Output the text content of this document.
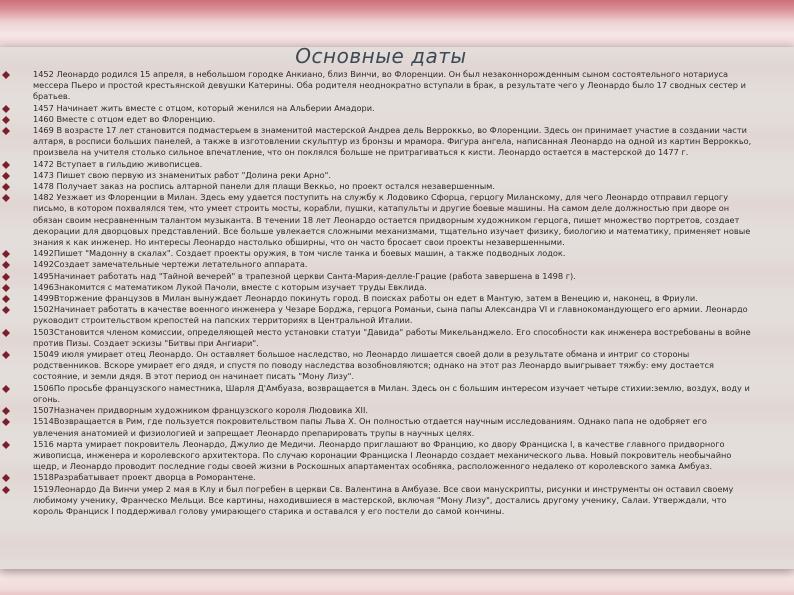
Основные даты
1452 Леонардо родился 15 апреля, в небольшом городке Анкиано, близ Винчи, во Флоренции. Он был незаконнорожденным сыном состоятельного нотариуса мессера Пьеро и простой крестьянской девушки Катерины. Оба родителя неоднократно вступали в брак, в результате чего у Леонардо было 17 сводных сестер и братьев.
1457 Начинает жить вместе с отцом, который женился на Альберии Амадори.
1460 Вместе с отцом едет во Флоренцию.
1469 В возрасте 17 лет становится подмастерьем в знаменитой мастерской Андреа дель Верроккьо, во Флоренции. Здесь он принимает участие в создании части алтаря, в росписи больших панелей, а также в изготовлении скульптур из бронзы и мрамора. Фигура ангела, написанная Леонардо на одной из картин Верроккьо, произвела на учителя столько сильное впечатление, что он поклялся больше не притрагиваться к кисти. Леонардо остается в мастерской до 1477 г.
1472 Вступает в гильдию живописцев.
1473 Пишет свою первую из знаменитых работ "Долина реки Арно".
1478 Получает заказ на роспись алтарной панели для плащи Веккьо, но проект остался незавершенным.
1482 Уезжает из Флоренции в Милан. Здесь ему удается поступить на службу к Лодовико Сфорца, герцогу Миланскому, для чего Леонардо отправил герцогу письмо, в котором похвалялся тем, что умеет строить мосты, корабли, пушки, катапульты и другие боевые машины. На самом деле должностью при дворе он обязан своим несравненным талантом музыканта. В течении 18 лет Леонардо остается придворным художником герцога, пишет множество портретов, создает декорации для дворцовых представлений. Все больше увлекается сложными механизмами, тщательно изучает физику, биологию и математику, применяет новые знания к как инженер. Но интересы Леонардо настолько обширны, что он часто бросает свои проекты незавершенными.
1492Пишет "Мадонну в скалах". Создает проекты оружия, в том числе танка и боевых машин, а также подводных лодок.
1492Создает замечательные чертежи летательного аппарата.
1495Начинает работать над "Тайной вечерей" в трапезной церкви Санта-Мария-делле-Грацие (работа завершена в 1498 г).
1496Знакомится с математиком Лукой Пачоли, вместе с которым изучает труды Евклида.
1499Вторжение французов в Милан вынуждает Леонардо покинуть город. В поисках работы он едет в Мантую, затем в Венецию и, наконец, в Фриули.
1502Начинает работать в качестве военного инженера у Чезаре Борджа, герцога Романьи, сына папы Александра VI и главнокомандующего его армии. Леонардо руководит строительством крепостей на папских территориях в Центральной Италии.
1503Становится членом комиссии, определяющей место установки статуи "Давида" работы Микельанджело. Его способности как инженера востребованы в войне против Пизы. Создает эскизы "Битвы при Ангиари".
15049 июля умирает отец Леонардо. Он оставляет большое наследство, но Леонардо лишается своей доли в результате обмана и интриг со стороны родственников. Вскоре умирает его дядя, и спустя по поводу наследства возобновляются; однако на этот раз Леонардо выигрывает тяжбу: ему достается состояние, и земли дядя. В этот период он начинает писать "Мону Лизу".
1506По просьбе французского наместника, Шарля Д'Амбуаза, возвращается в Милан. Здесь он с большим интересом изучает четыре стихии:землю, воздух, воду и огонь.
1507Назначен придворным художником французского короля Людовика XII.
1514Возвращается в Рим, где пользуется покровительством папы Льва X. Он полностью отдается научным исследованиям. Однако папа не одобряет его увлечения анатомией и физиологией и запрещает Леонардо препарировать трупы в научных целях.
1516 марта умирает покровитель Леонардо, Джулио де Медичи. Леонардо приглашают во Францию, ко двору Франциска I, в качестве главного придворного живописца, инженера и королевского архитектора. По случаю коронации Франциска I Леонардо создает механического льва. Новый покровитель необычайно щедр, и Леонардо проводит последние годы своей жизни в Роскошных апартаментах особняка, расположенного недалеко от королевского замка Амбуаз.
1518Разрабатывает проект дворца в Роморантене.
1519Леонардо Да Винчи умер 2 мая в Клу и был погребен в церкви Св. Валентина в Амбуазе. Все свои манускрипты, рисунки и инструменты он оставил своему любимому ученику, Франческо Мельци. Все картины, находившиеся в мастерской, включая "Мону Лизу", достались другому ученику, Салаи. Утверждали, что король Франциск I поддерживал голову умирающего старика и оставался у его постели до самой кончины.
